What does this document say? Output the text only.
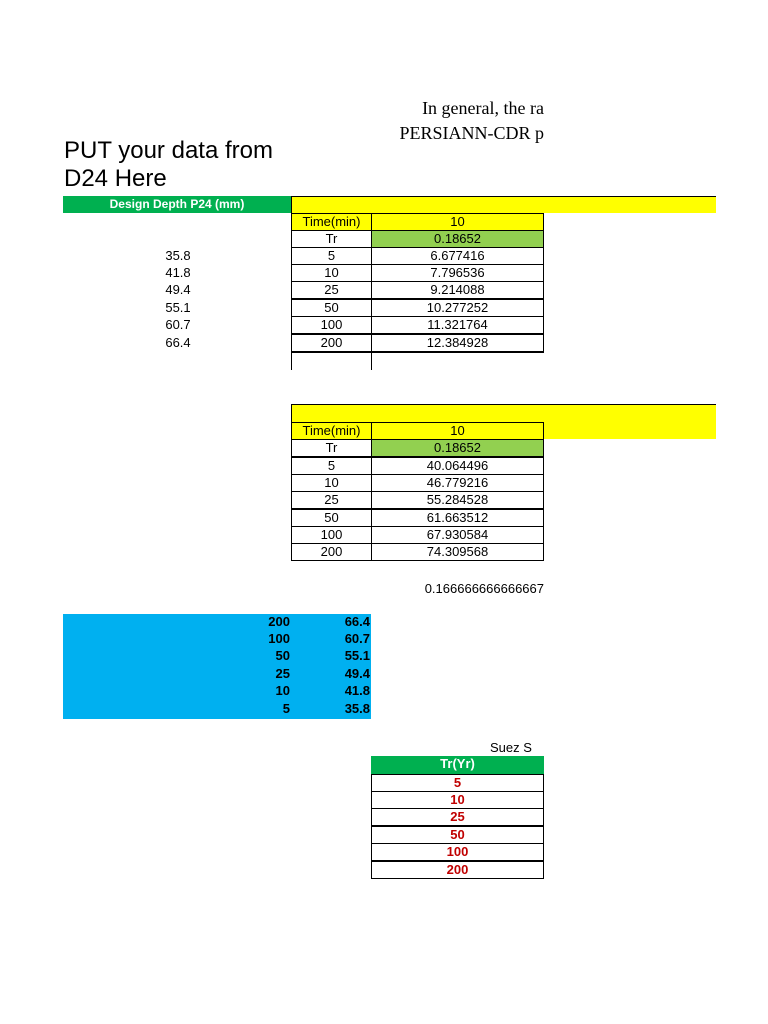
In general, the ra
PERSIANN-CDR p
PUT your data from
D24 Here
Design Depth P24 (mm)
35.8
41.8
49.4
55.1
60.7
66.4
Time(min)	10
Tr	0.18652
5	6.677416
10	7.796536
25	9.214088
50	10.277252
100	11.321764
200	12.384928
Time(min)	10
Tr	0.18652
5	40.064496
10	46.779216
25	55.284528
50	61.663512
100	67.930584
200	74.309568
0.166666666666667
200	66.4
100	60.7
50	55.1
25	49.4
10	41.8
5	35.8
Suez S
Tr(Yr)
5
10
25
50
100
200
